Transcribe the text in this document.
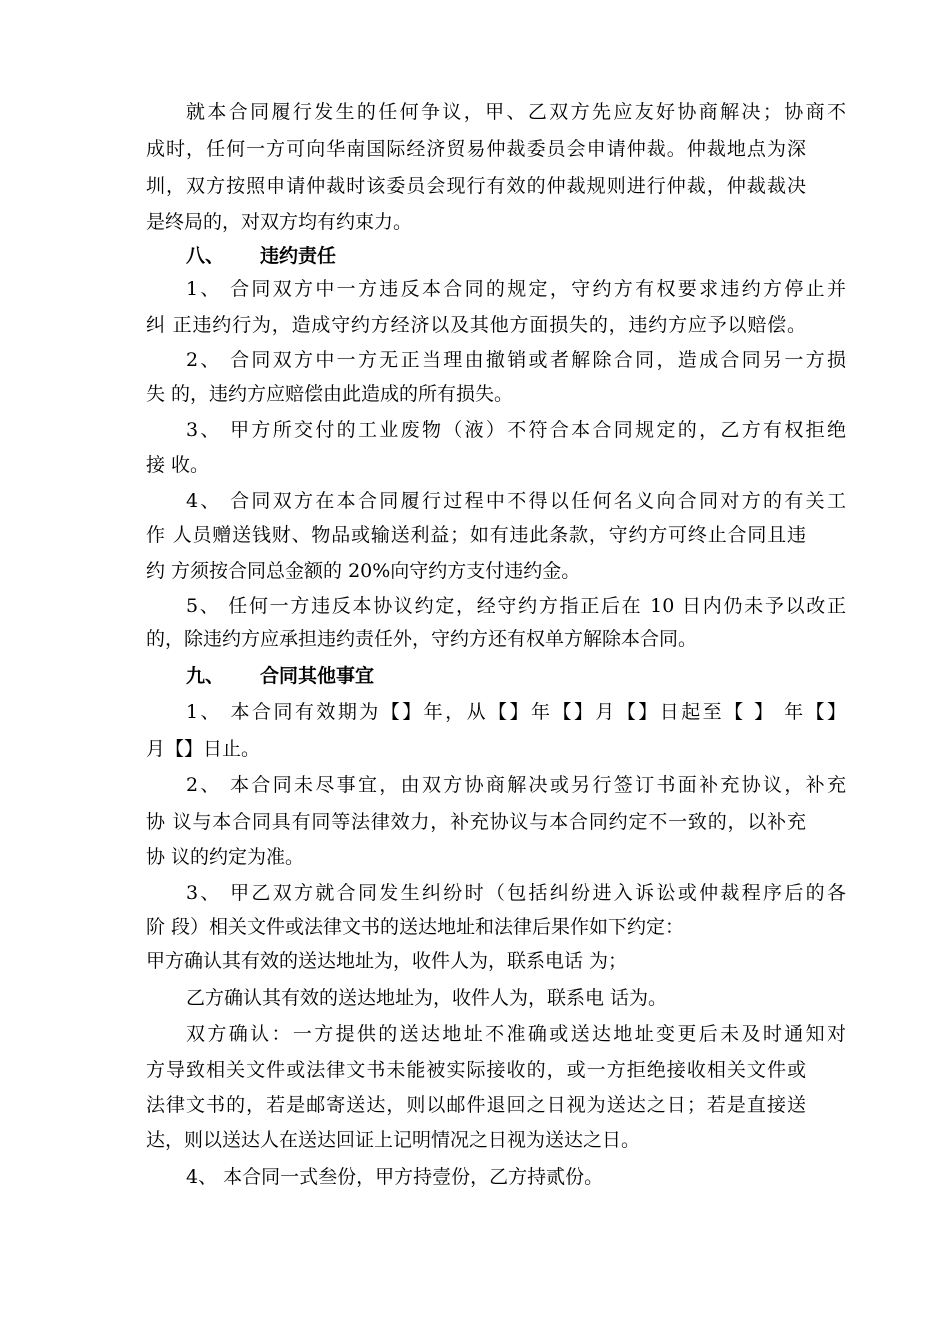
就本合同履行发生的任何争议，甲、乙双方先应友好协商解决；协商不
成时，任何一方可向华南国际经济贸易仲裁委员会申请仲裁。仲裁地点为深
圳，双方按照申请仲裁时该委员会现行有效的仲裁规则进行仲裁，仲裁裁决
是终局的，对双方均有约束力。
八、 违约责任
1、 合同双方中一方违反本合同的规定，守约方有权要求违约方停止并
纠 正违约行为，造成守约方经济以及其他方面损失的，违约方应予以赔偿。
2、 合同双方中一方无正当理由撤销或者解除合同，造成合同另一方损
失 的，违约方应赔偿由此造成的所有损失。
3、 甲方所交付的工业废物（液）不符合本合同规定的，乙方有权拒绝
接 收。
4、 合同双方在本合同履行过程中不得以任何名义向合同对方的有关工
作 人员赠送钱财、物品或输送利益；如有违此条款，守约方可终止合同且违
约 方须按合同总金额的 20%向守约方支付违约金。
5、 任何一方违反本协议约定，经守约方指正后在 10 日内仍未予以改正
的，除违约方应承担违约责任外，守约方还有权单方解除本合同。
九、 合同其他事宜
1、 本合同有效期为【】年，从【】年【】月【】日起至【 】 年【】
月【】日止。
2、 本合同未尽事宜，由双方协商解决或另行签订书面补充协议，补充
协 议与本合同具有同等法律效力，补充协议与本合同约定不一致的，以补充
协 议的约定为准。
3、 甲乙双方就合同发生纠纷时（包括纠纷进入诉讼或仲裁程序后的各
阶 段）相关文件或法律文书的送达地址和法律后果作如下约定：
甲方确认其有效的送达地址为，收件人为，联系电话 为；
乙方确认其有效的送达地址为，收件人为，联系电 话为。
双方确认：一方提供的送达地址不准确或送达地址变更后未及时通知对
方导致相关文件或法律文书未能被实际接收的，或一方拒绝接收相关文件或
法律文书的，若是邮寄送达，则以邮件退回之日视为送达之日；若是直接送
达，则以送达人在送达回证上记明情况之日视为送达之日。
4、 本合同一式叁份，甲方持壹份，乙方持贰份。
